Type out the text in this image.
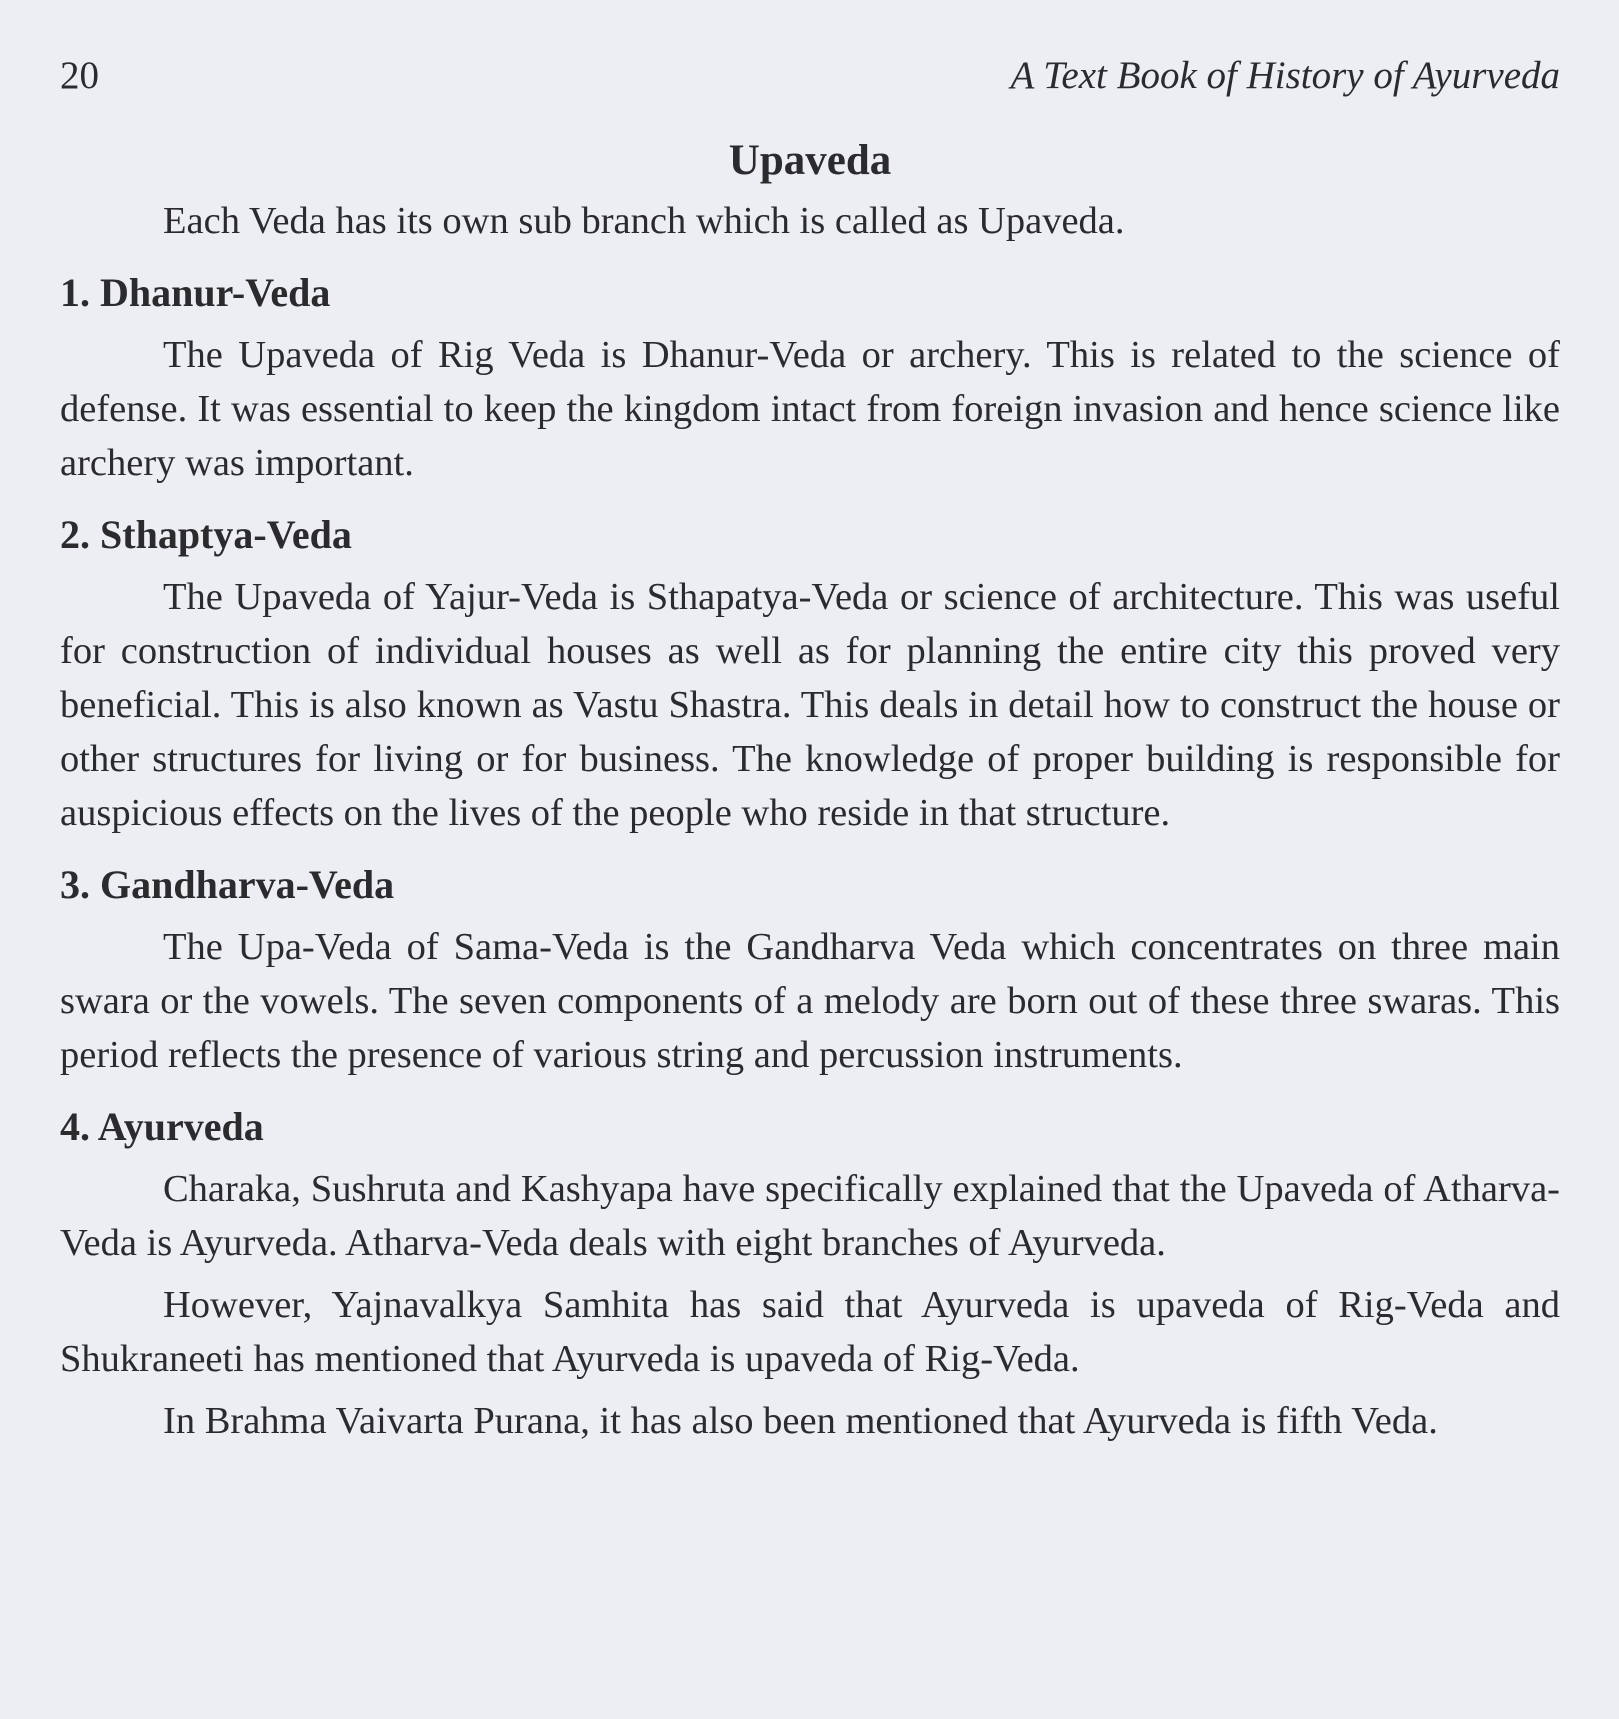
20	A Text Book of History of Ayurveda
Upaveda

Each Veda has its own sub branch which is called as Upaveda.

1. Dhanur-Veda

The Upaveda of Rig Veda is Dhanur-Veda or archery. This is related to the science of defense. It was essential to keep the kingdom intact from foreign invasion and hence science like archery was important.

2. Sthaptya-Veda

The Upaveda of Yajur-Veda is Sthapatya-Veda or science of architecture. This was useful for construction of individual houses as well as for planning the entire city this proved very beneficial. This is also known as Vastu Shastra. This deals in detail how to construct the house or other structures for living or for business. The knowledge of proper building is responsible for auspicious effects on the lives of the people who reside in that structure.

3. Gandharva-Veda

The Upa-Veda of Sama-Veda is the Gandharva Veda which concentrates on three main swara or the vowels. The seven components of a melody are born out of these three swaras. This period reflects the presence of various string and percussion instruments.

4. Ayurveda

Charaka, Sushruta and Kashyapa have specifically explained that the Upaveda of Atharva-Veda is Ayurveda. Atharva-Veda deals with eight branches of Ayurveda.

However, Yajnavalkya Samhita has said that Ayurveda is upaveda of Rig-Veda and Shukraneeti has mentioned that Ayurveda is upaveda of Rig-Veda.

In Brahma Vaivarta Purana, it has also been mentioned that Ayurveda is fifth Veda.
